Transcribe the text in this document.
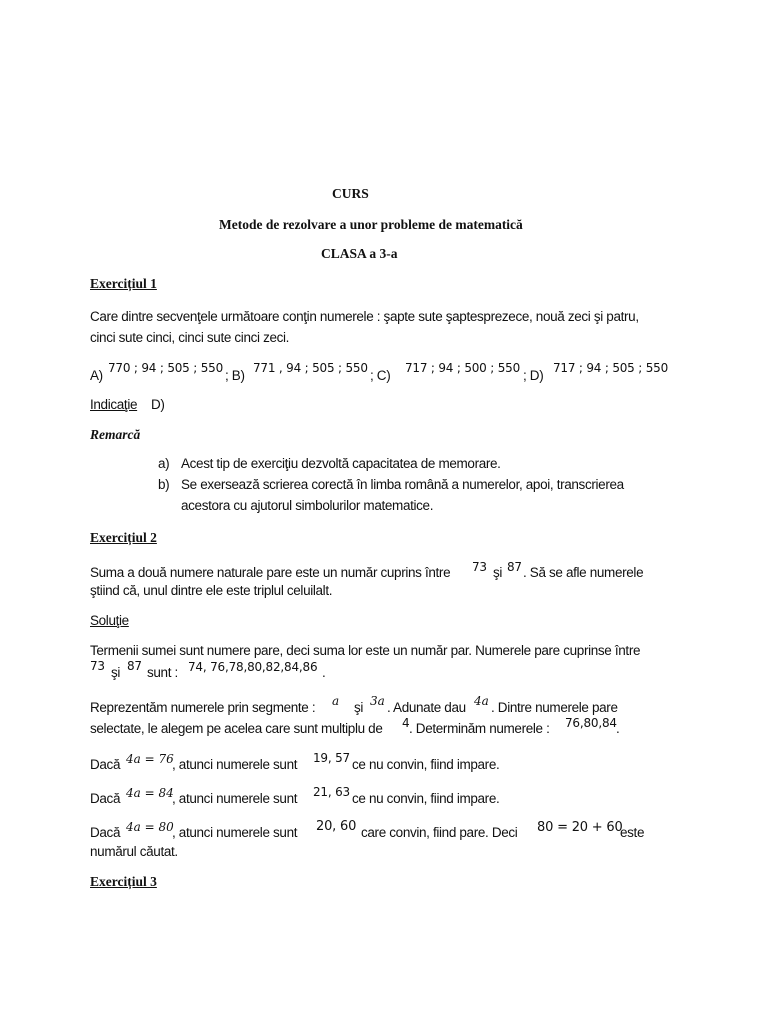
CURS
Metode de rezolvare a unor probleme de matematică
CLASA a 3-a
Exercițiul 1
Care dintre secvenţele următoare conţin numerele : şapte sute şaptesprezece, nouă zeci şi patru,
cinci sute cinci, cinci sute cinci zeci.
A) 770 ; 94 ; 505 ; 550 ; B) 771 , 94 ; 505 ; 550 ; C) 717 ; 94 ; 500 ; 550 ; D) 717 ; 94 ; 505 ; 550
Indicaţie D)
Remarcă
a) Acest tip de exerciţiu dezvoltă capacitatea de memorare.
b) Se exersează scrierea corectă în limba română a numerelor, apoi, transcrierea
acestora cu ajutorul simbolurilor matematice.
Exercițiul 2
Suma a două numere naturale pare este un număr cuprins între 73 şi 87 . Să se afle numerele
ştiind că, unul dintre ele este triplul celuilalt.
Soluţie
Termenii sumei sunt numere pare, deci suma lor este un număr par. Numerele pare cuprinse între
73 şi 87 sunt : 74, 76,78,80,82,84,86 .
Reprezentăm numerele prin segmente : a şi 3a . Adunate dau 4a . Dintre numerele pare
selectate, le alegem pe acelea care sunt multiplu de 4 . Determinăm numerele : 76,80,84 .
Dacă 4a = 76
, atunci numerele sunt 19, 57 ce nu convin, fiind impare.
Dacă 4a = 84
, atunci numerele sunt 21, 63 ce nu convin, fiind impare.
Dacă 4a = 80
, atunci numerele sunt 20, 60 care convin, fiind pare. Deci 80 = 20 + 60
este
numărul căutat.
Exercițiul 3
